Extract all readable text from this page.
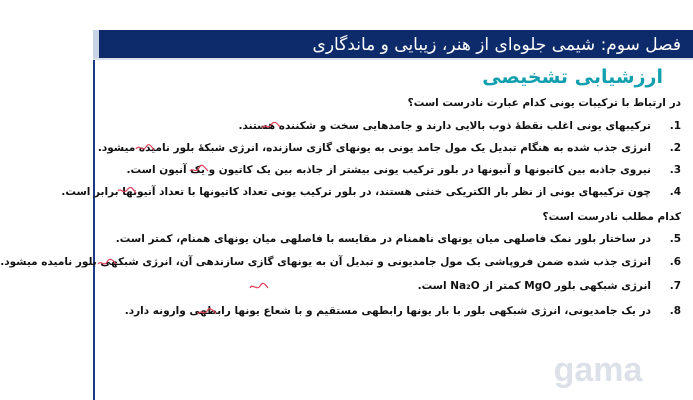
فصل سوم: شیمی جلوه‌ای از هنر، زیبایی و ماندگاری
ارزشیابی تشخیصی
در ارتباط با ترکیبات یونی کدام عبارت نادرست است؟
1.
ترکیبهای یونی اغلب نقطهٔ ذوب بالایی دارند و جامدهایی سخت و شکننده هستند.
2.
انرژی جذب شده به هنگام تبدیل یک مول جامد یونی به یونهای گازی سازنده، انرژی شبکهٔ بلور نامیده میشود.
3.
نیروی جاذبه بین کاتیونها و آنیونها در بلور ترکیب یونی بیشتر از جاذبه بین یک کاتیون و یک آنیون است.
4.
چون ترکیبهای یونی از نظر بار الکتریکی خنثی هستند، در بلور ترکیب یونی تعداد کاتیونها با تعداد آنیونها برابر است.
کدام مطلب نادرست است؟
5.
در ساختار بلور نمک فاصلهی میان یونهای ناهمنام در مقایسه با فاصلهی میان یونهای همنام، کمتر است.
6.
انرژی جذب شده ضمن فروپاشی یک مول جامدیونی و تبدیل آن به یونهای گازی سازندهی آن، انرژی شبکهی بلور نامیده میشود.
7.
انرژی شبکهی بلور MgO کمتر از Na₂O است.
8.
در یک جامدیونی، انرژی شبکهی بلور با بار یونها رابطهی مستقیم و با شعاع یونها رابطهی وارونه دارد.
gama
